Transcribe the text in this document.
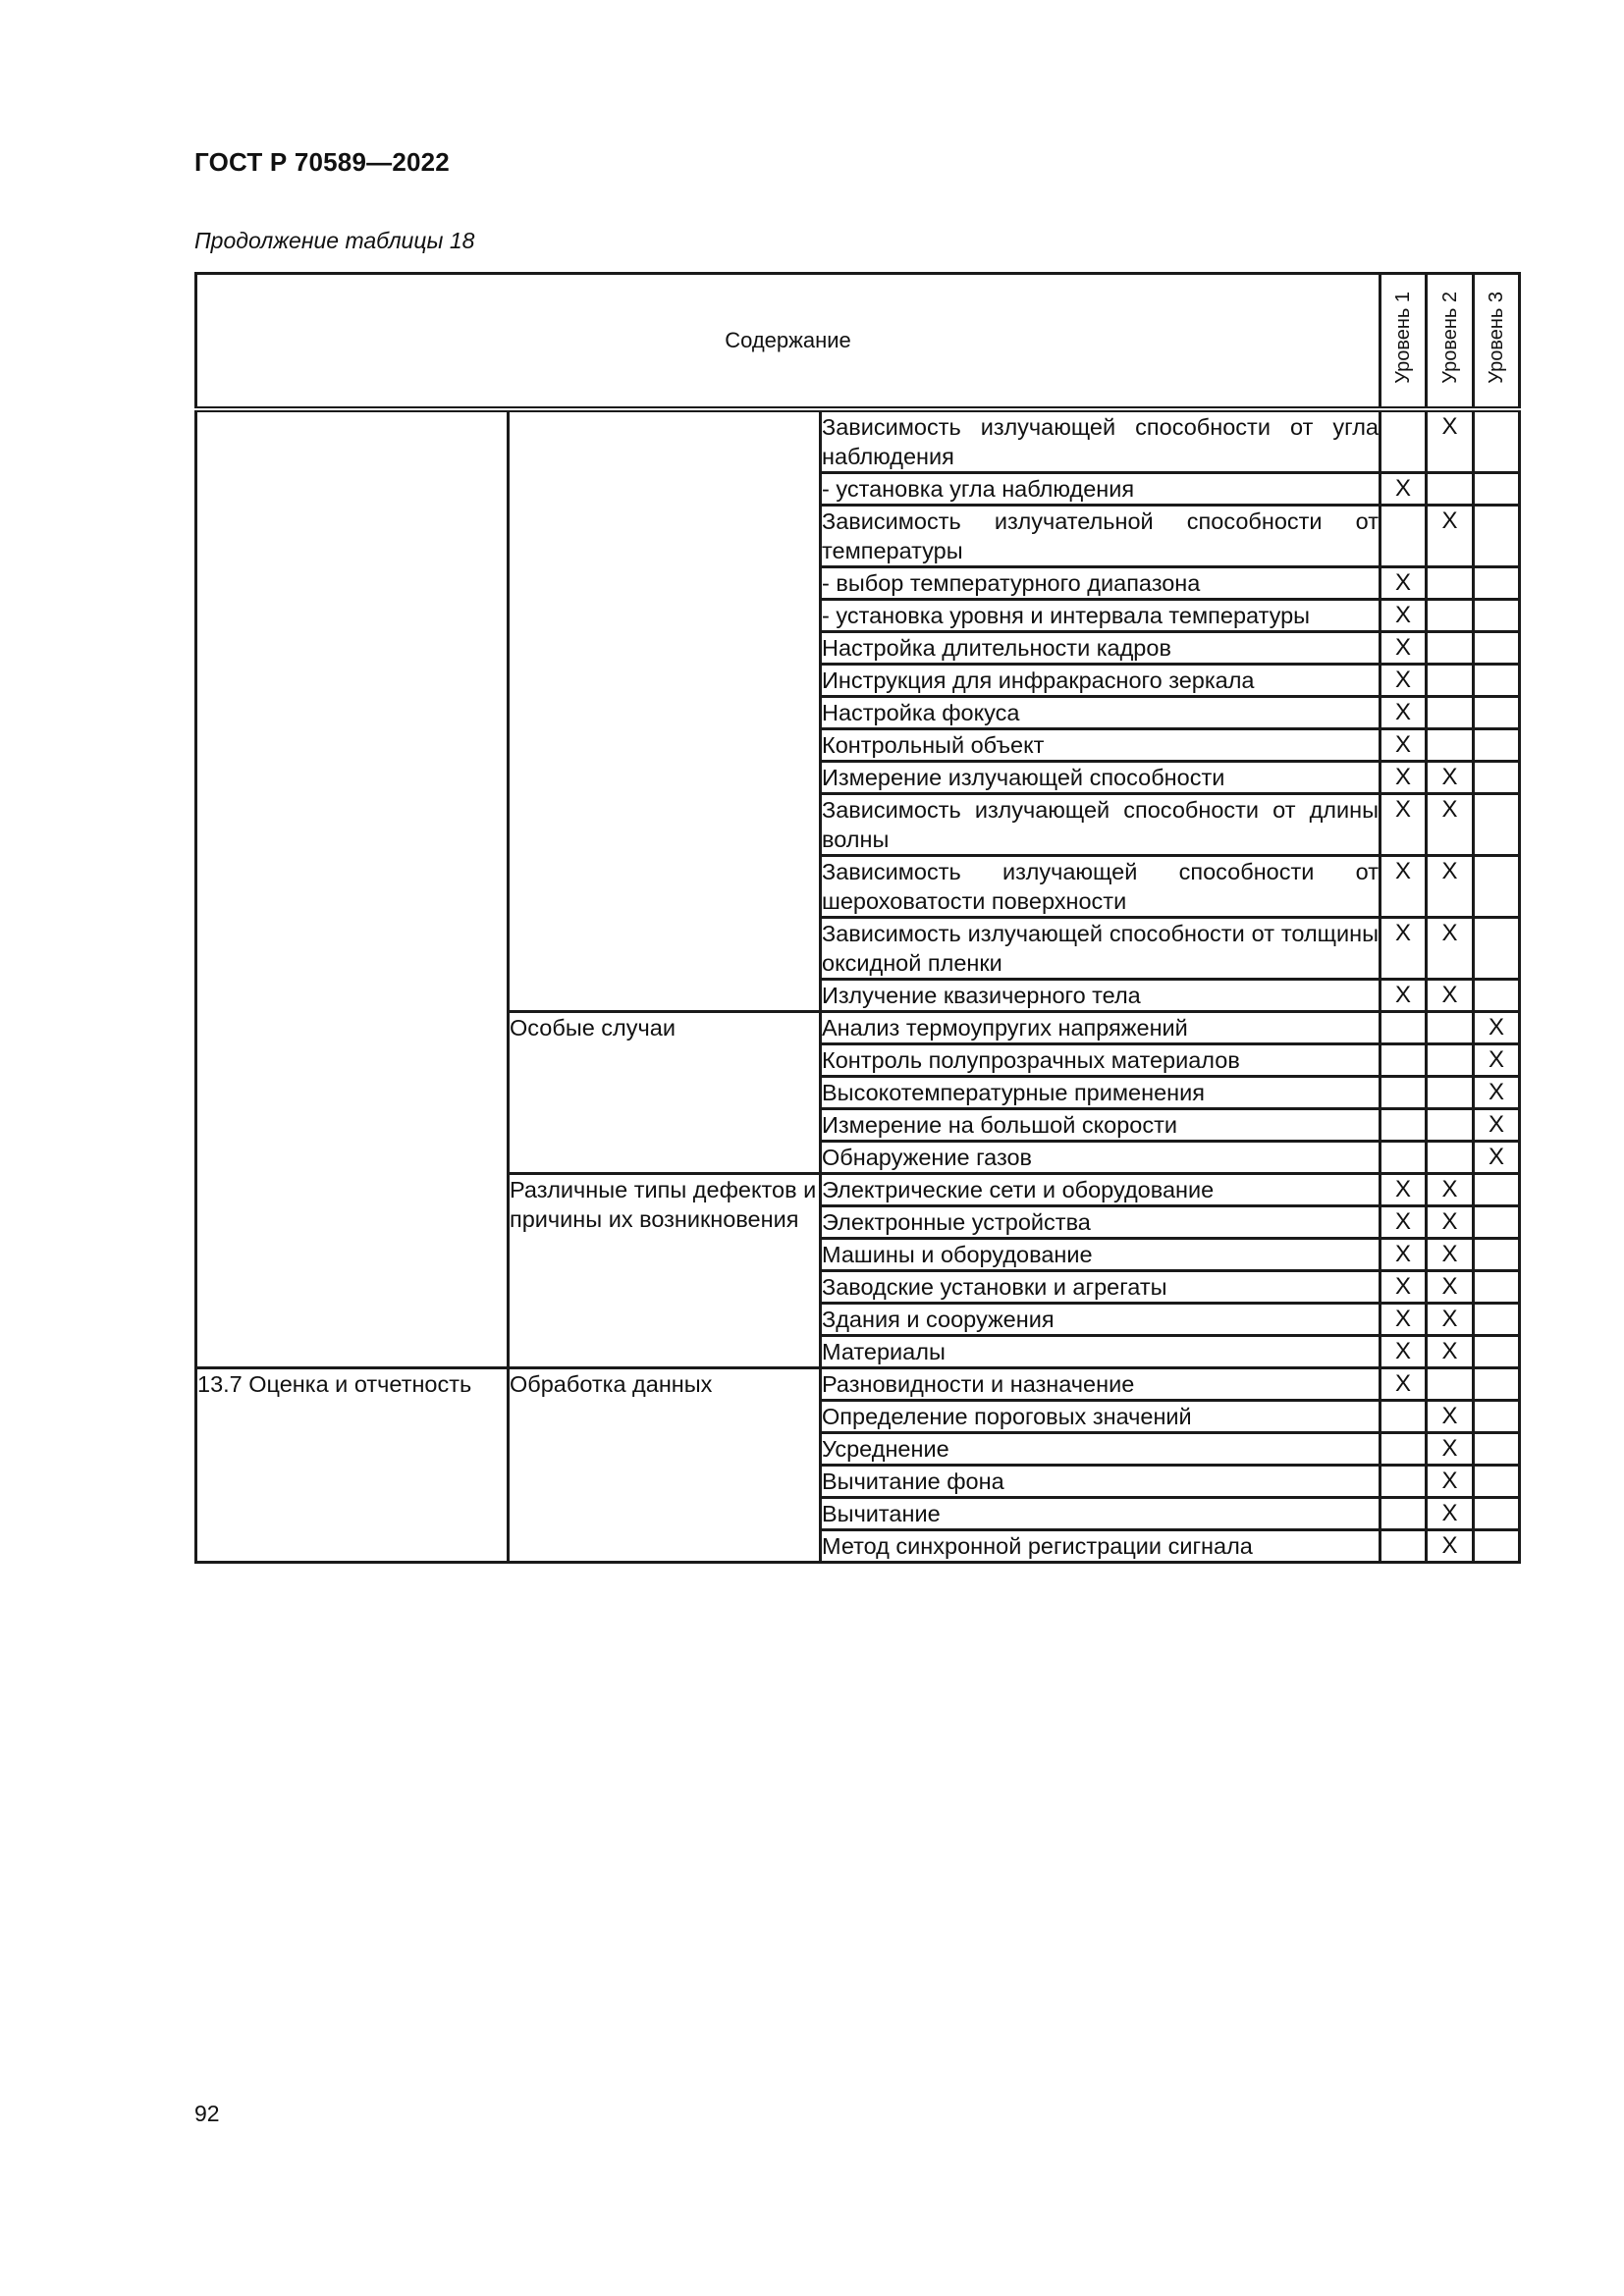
ГОСТ Р 70589—2022
Продолжение таблицы 18
Содержание			Уровень 1	Уровень 2	Уровень 3
		Зависимость излучающей способности от угла наблюдения		X	
		- установка угла наблюдения	X		
		Зависимость излучательной способности от температуры		X	
		- выбор температурного диапазона	X		
		- установка уровня и интервала температуры	X		
		Настройка длительности кадров	X		
		Инструкция для инфракрасного зеркала	X		
		Настройка фокуса	X		
		Контрольный объект	X		
		Измерение излучающей способности	X	X	
		Зависимость излучающей способности от длины волны	X	X	
		Зависимость излучающей способности от шероховатости поверхности	X	X	
		Зависимость излучающей способности от толщины оксидной пленки	X	X	
		Излучение квазичерного тела	X	X	
	Особые случаи	Анализ термоупругих напряжений			X
		Контроль полупрозрачных материалов			X
		Высокотемпературные применения			X
		Измерение на большой скорости			X
		Обнаружение газов			X
	Различные типы дефектов и причины их возникновения	Электрические сети и оборудование	X	X	
		Электронные устройства	X	X	
		Машины и оборудование	X	X	
		Заводские установки и агрегаты	X	X	
		Здания и сооружения	X	X	
		Материалы	X	X	
13.7 Оценка и отчетность	Обработка данных	Разновидности и назначение	X		
		Определение пороговых значений		X	
		Усреднение		X	
		Вычитание фона		X	
		Вычитание		X	
		Метод синхронной регистрации сигнала		X	
92
